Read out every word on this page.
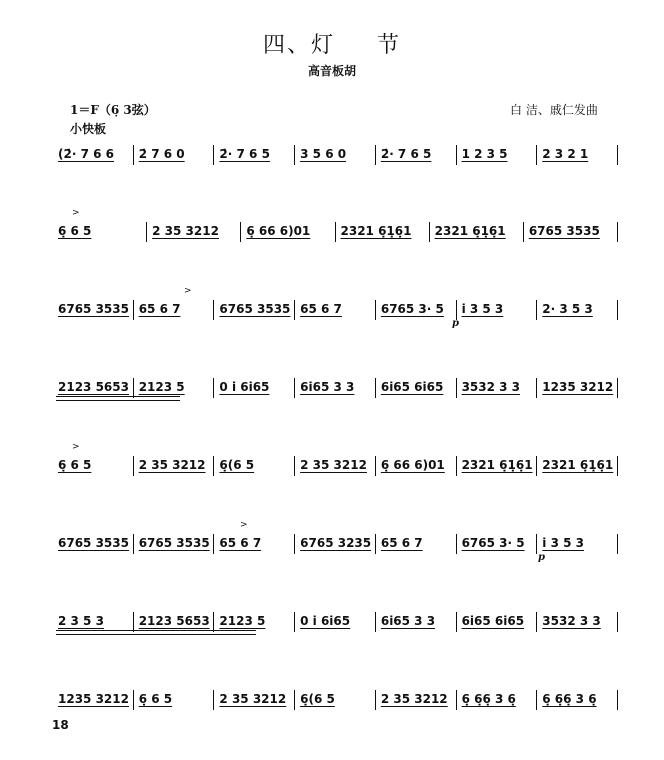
四、灯 节
高音板胡
1＝F（6̣ 3弦）
小快板
白 洁、戚仁发曲
(2̇· 7 6 6	2̇ 7 6 0	2̇· 7 6 5	3 5 6 0	2̇· 7 6 5	1 2 3 5	2 3 2 1
6̣ 6 5	2 35 3212	6̣ 66 6)01	2321 6̣1̣6̣1	2321 6̣1̣6̣1	6765 3535
>
6765 3535 65 6 7	6765 3535 65 6 7	6765 3· 5	i 3 5 3	2· 3 5 3
>
p
2123 5653 2123 5	0 i 6i65	6i65 3 3	6i65 6i65	3532 3 3	1235 3212
6̣ 6 5	2 35 3212	6̣(6 5	2 35 3212	6̣ 66 6)01	2321 6̣1̣6̣1 2321 6̣1̣6̣1
>
6765 3535 6765 3535 65 6 7	6765 3235 65 6 7	6765 3· 5	i 3 5 3
>
p
2 3 5 3	2123 5653 2123 5	0 i 6i65	6i65 3 3	6i65 6i65	3532 3 3
1235 3212 6̣ 6 5	2 35 3212	6̣(6 5	2 35 3212	6̣ 6̣6̣ 3 6̣	6̣ 6̣6̣ 3 6̣
18
